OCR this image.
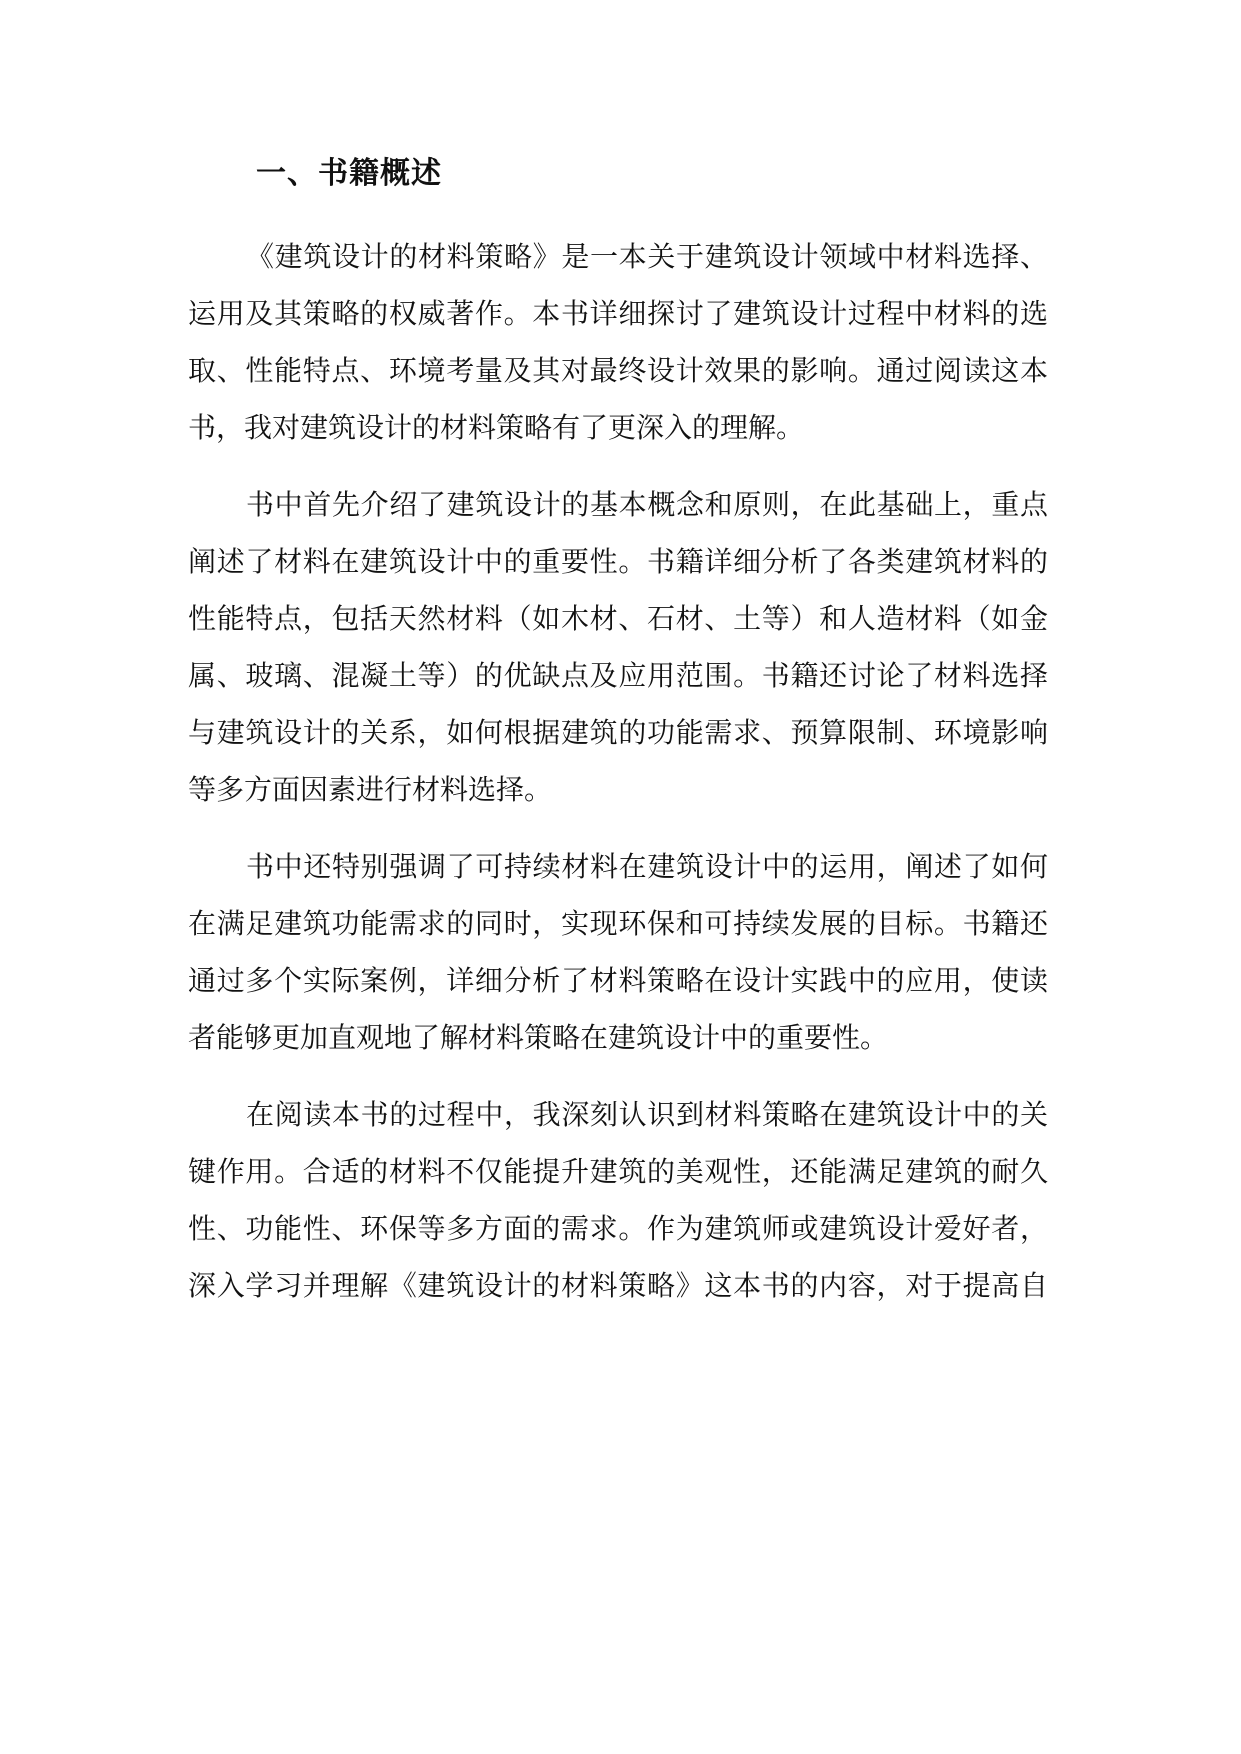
一、书籍概述

《建筑设计的材料策略》是一本关于建筑设计领域中材料选择、
运用及其策略的权威著作。本书详细探讨了建筑设计过程中材料的选
取、性能特点、环境考量及其对最终设计效果的影响。通过阅读这本
书，我对建筑设计的材料策略有了更深入的理解。

书中首先介绍了建筑设计的基本概念和原则，在此基础上，重点
阐述了材料在建筑设计中的重要性。书籍详细分析了各类建筑材料的
性能特点，包括天然材料（如木材、石材、土等）和人造材料（如金
属、玻璃、混凝土等）的优缺点及应用范围。书籍还讨论了材料选择
与建筑设计的关系，如何根据建筑的功能需求、预算限制、环境影响
等多方面因素进行材料选择。

书中还特别强调了可持续材料在建筑设计中的运用，阐述了如何
在满足建筑功能需求的同时，实现环保和可持续发展的目标。书籍还
通过多个实际案例，详细分析了材料策略在设计实践中的应用，使读
者能够更加直观地了解材料策略在建筑设计中的重要性。

在阅读本书的过程中，我深刻认识到材料策略在建筑设计中的关
键作用。合适的材料不仅能提升建筑的美观性，还能满足建筑的耐久
性、功能性、环保等多方面的需求。作为建筑师或建筑设计爱好者，
深入学习并理解《建筑设计的材料策略》这本书的内容，对于提高自
